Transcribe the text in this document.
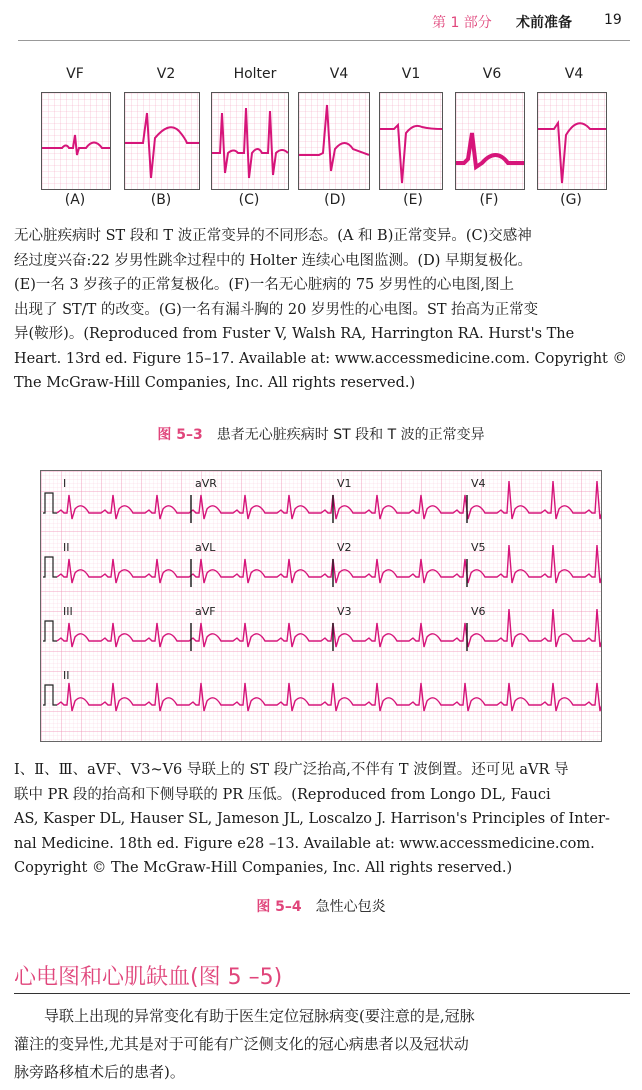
第 1 部分 术前准备 19
VF	V2	Holter	V4	V1	V6	V4
(A)	(B)	(C)	(D)	(E)	(F)	(G)
无心脏疾病时 ST 段和 T 波正常变异的不同形态。(A 和 B)正常变异。(C)交感神
经过度兴奋:22 岁男性跳伞过程中的 Holter 连续心电图监测。(D) 早期复极化。
(E)一名 3 岁孩子的正常复极化。(F)一名无心脏病的 75 岁男性的心电图,图上
出现了 ST/T 的改变。(G)一名有漏斗胸的 20 岁男性的心电图。ST 抬高为正常变
异(鞍形)。(Reproduced from Fuster V, Walsh RA, Harrington RA. Hurst's The
Heart. 13rd ed. Figure 15–17. Available at: www.accessmedicine.com. Copyright ©
The McGraw-Hill Companies, Inc. All rights reserved.)
图 5–3 患者无心脏疾病时 ST 段和 T 波的正常变异
I	aVR	V1	V4
II	aVL	V2	V5
III	aVF	V3	V6
II
Ⅰ、Ⅱ、Ⅲ、aVF、V3~V6 导联上的 ST 段广泛抬高,不伴有 T 波倒置。还可见 aVR 导
联中 PR 段的抬高和下侧导联的 PR 压低。(Reproduced from Longo DL, Fauci
AS, Kasper DL, Hauser SL, Jameson JL, Loscalzo J. Harrison's Principles of Inter-
nal Medicine. 18th ed. Figure e28 –13. Available at: www.accessmedicine.com.
Copyright © The McGraw-Hill Companies, Inc. All rights reserved.)
图 5–4 急性心包炎
心电图和心肌缺血(图 5 –5)
导联上出现的异常变化有助于医生定位冠脉病变(要注意的是,冠脉
灌注的变异性,尤其是对于可能有广泛侧支化的冠心病患者以及冠状动
脉旁路移植术后的患者)。
